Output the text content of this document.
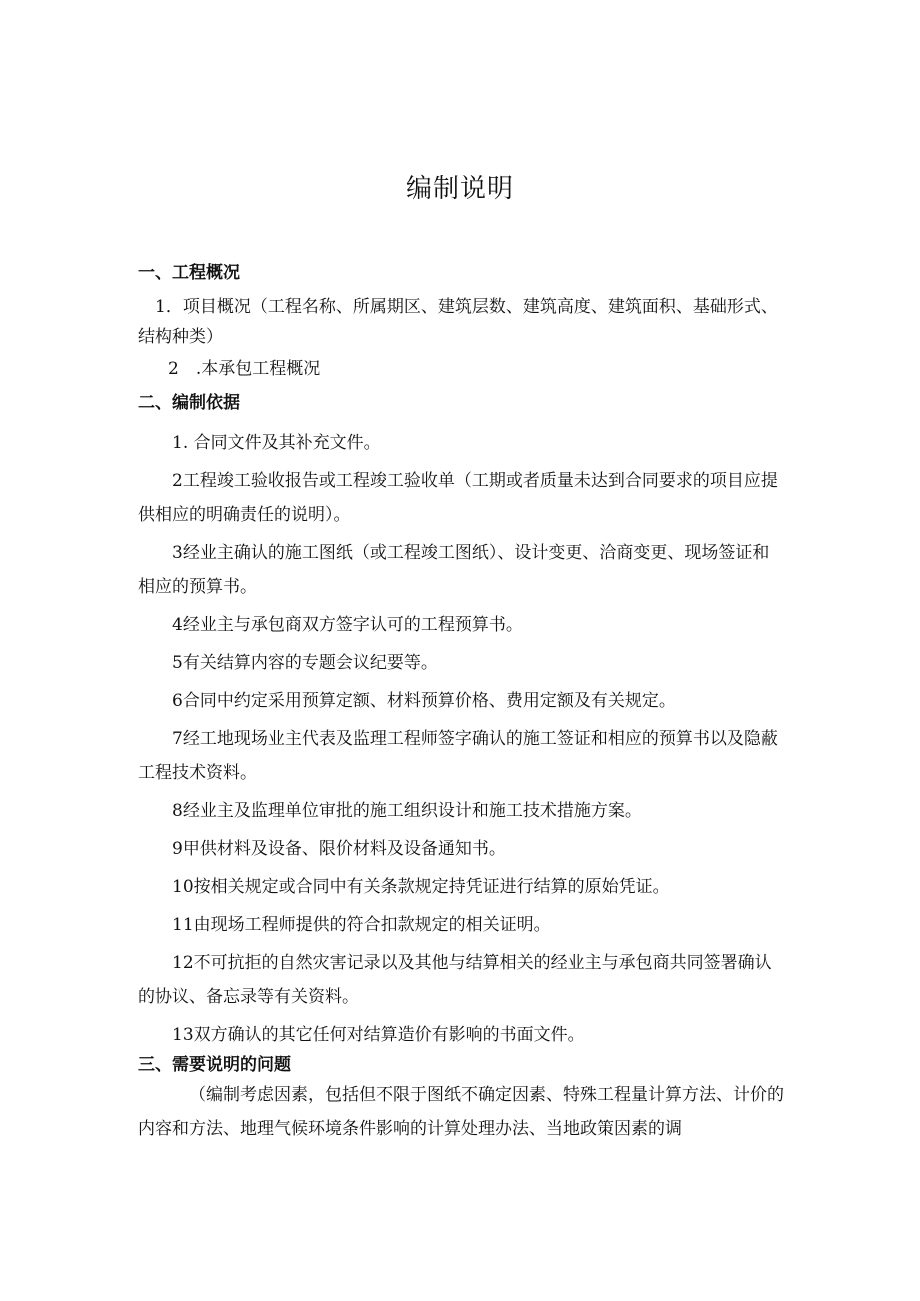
编制说明
一、工程概况
1．项目概况（工程名称、所属期区、建筑层数、建筑高度、建筑面积、基础形式、结构种类）
2　.本承包工程概况
二、编制依据
1. 合同文件及其补充文件。
2工程竣工验收报告或工程竣工验收单（工期或者质量未达到合同要求的项目应提供相应的明确责任的说明）。
3经业主确认的施工图纸（或工程竣工图纸）、设计变更、洽商变更、现场签证和相应的预算书。
4经业主与承包商双方签字认可的工程预算书。
5有关结算内容的专题会议纪要等。
6合同中约定采用预算定额、材料预算价格、费用定额及有关规定。
7经工地现场业主代表及监理工程师签字确认的施工签证和相应的预算书以及隐蔽工程技术资料。
8经业主及监理单位审批的施工组织设计和施工技术措施方案。
9甲供材料及设备、限价材料及设备通知书。
10按相关规定或合同中有关条款规定持凭证进行结算的原始凭证。
11由现场工程师提供的符合扣款规定的相关证明。
12不可抗拒的自然灾害记录以及其他与结算相关的经业主与承包商共同签署确认的协议、备忘录等有关资料。
13双方确认的其它任何对结算造价有影响的书面文件。
三、需要说明的问题
（编制考虑因素，包括但不限于图纸不确定因素、特殊工程量计算方法、计价的内容和方法、地理气候环境条件影响的计算处理办法、当地政策因素的调
